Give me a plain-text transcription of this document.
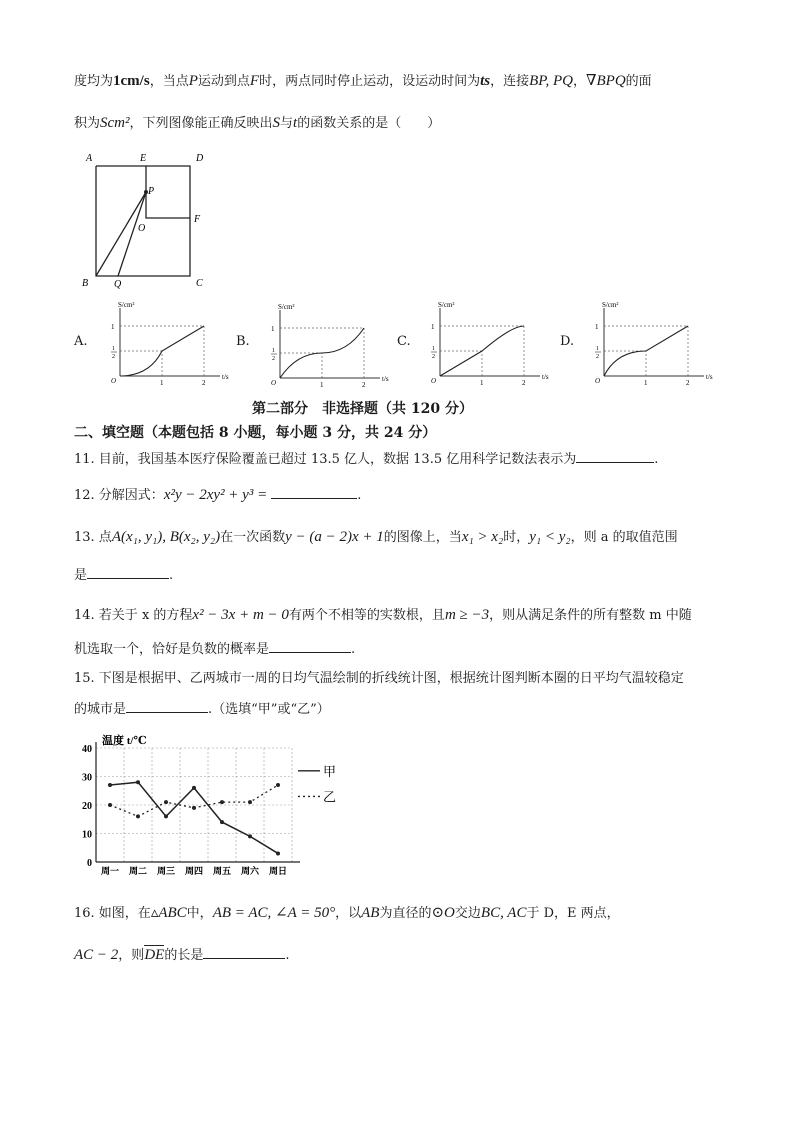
度均为1cm/s，当点P运动到点F时，两点同时停止运动，设运动时间为ts，连接BP, PQ，∇BPQ的面
积为Scm²，下列图像能正确反映出S与t的函数关系的是（　　）
A	E	D
P
O
F
B	Q	C
A.	B.	C.	D.
S/cm²
t/s
O	1	2
1
1
2
S/cm²
t/s
O	1	2
1
1
2
S/cm²
t/s
O	1	2
1
1
2
S/cm²
t/s
O	1	2
1
1
2
第二部分　非选择题（共 120 分）
二、填空题（本题包括 8 小题，每小题 3 分，共 24 分）
11. 目前，我国基本医疗保险覆盖已超过 13.5 亿人，数据 13.5 亿用科学记数法表示为	.
12. 分解因式：x²y − 2xy² + y³ =	.
13. 点A(x₁, y₁), B(x₂, y₂)在一次函数y − (a − 2)x + 1的图像上，当x₁ > x₂时，y₁ < y₂，则 a 的取值范围
是	.
14. 若关于 x 的方程x² − 3x + m − 0有两个不相等的实数根，且m ≥ −3，则从满足条件的所有整数 m 中随
机选取一个，恰好是负数的概率是	.
15. 下图是根据甲、乙两城市一周的日均气温绘制的折线统计图，根据统计图判断本圈的日平均气温较稳定
的城市是	.（选填“甲”或“乙”）
0
10
20
30
40
温度 t/℃
周一 周二 周三 周四 周五 周六 周日
甲
乙
16. 如图，在▵ABC中，AB = AC, ∠A = 50°，以AB为直径的⊙O交边BC, AC于 D，E 两点，
AC − 2，则DE的长是	.
